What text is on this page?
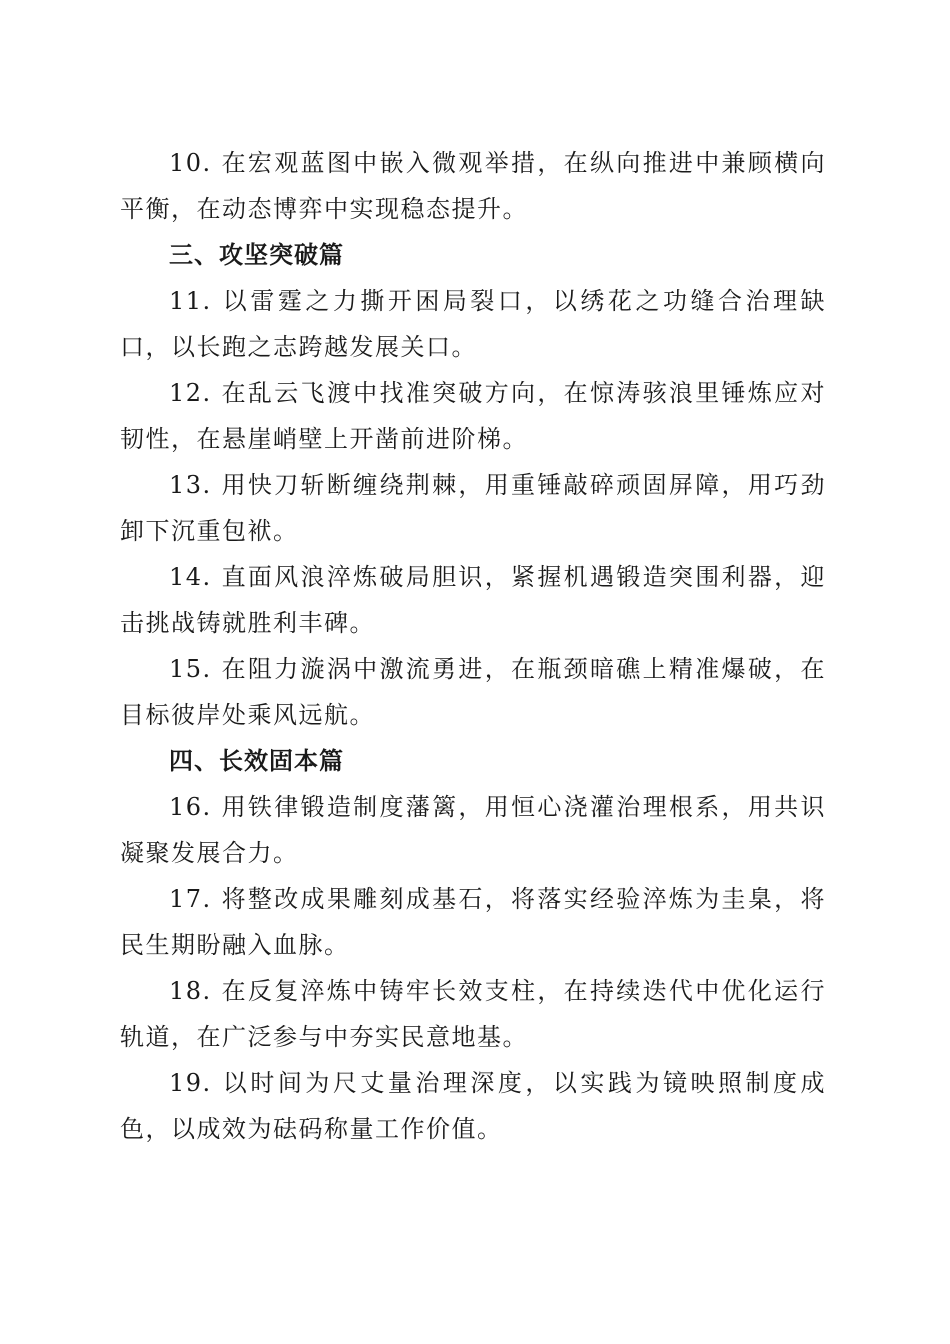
10. 在宏观蓝图中嵌入微观举措，在纵向推进中兼顾横向平衡，在动态博弈中实现稳态提升。

三、攻坚突破篇

11. 以雷霆之力撕开困局裂口，以绣花之功缝合治理缺口，以长跑之志跨越发展关口。

12. 在乱云飞渡中找准突破方向，在惊涛骇浪里锤炼应对韧性，在悬崖峭壁上开凿前进阶梯。

13. 用快刀斩断缠绕荆棘，用重锤敲碎顽固屏障，用巧劲卸下沉重包袱。

14. 直面风浪淬炼破局胆识，紧握机遇锻造突围利器，迎击挑战铸就胜利丰碑。

15. 在阻力漩涡中激流勇进，在瓶颈暗礁上精准爆破，在目标彼岸处乘风远航。

四、长效固本篇

16. 用铁律锻造制度藩篱，用恒心浇灌治理根系，用共识凝聚发展合力。

17. 将整改成果雕刻成基石，将落实经验淬炼为圭臬，将民生期盼融入血脉。

18. 在反复淬炼中铸牢长效支柱，在持续迭代中优化运行轨道，在广泛参与中夯实民意地基。

19. 以时间为尺丈量治理深度，以实践为镜映照制度成色，以成效为砝码称量工作价值。
